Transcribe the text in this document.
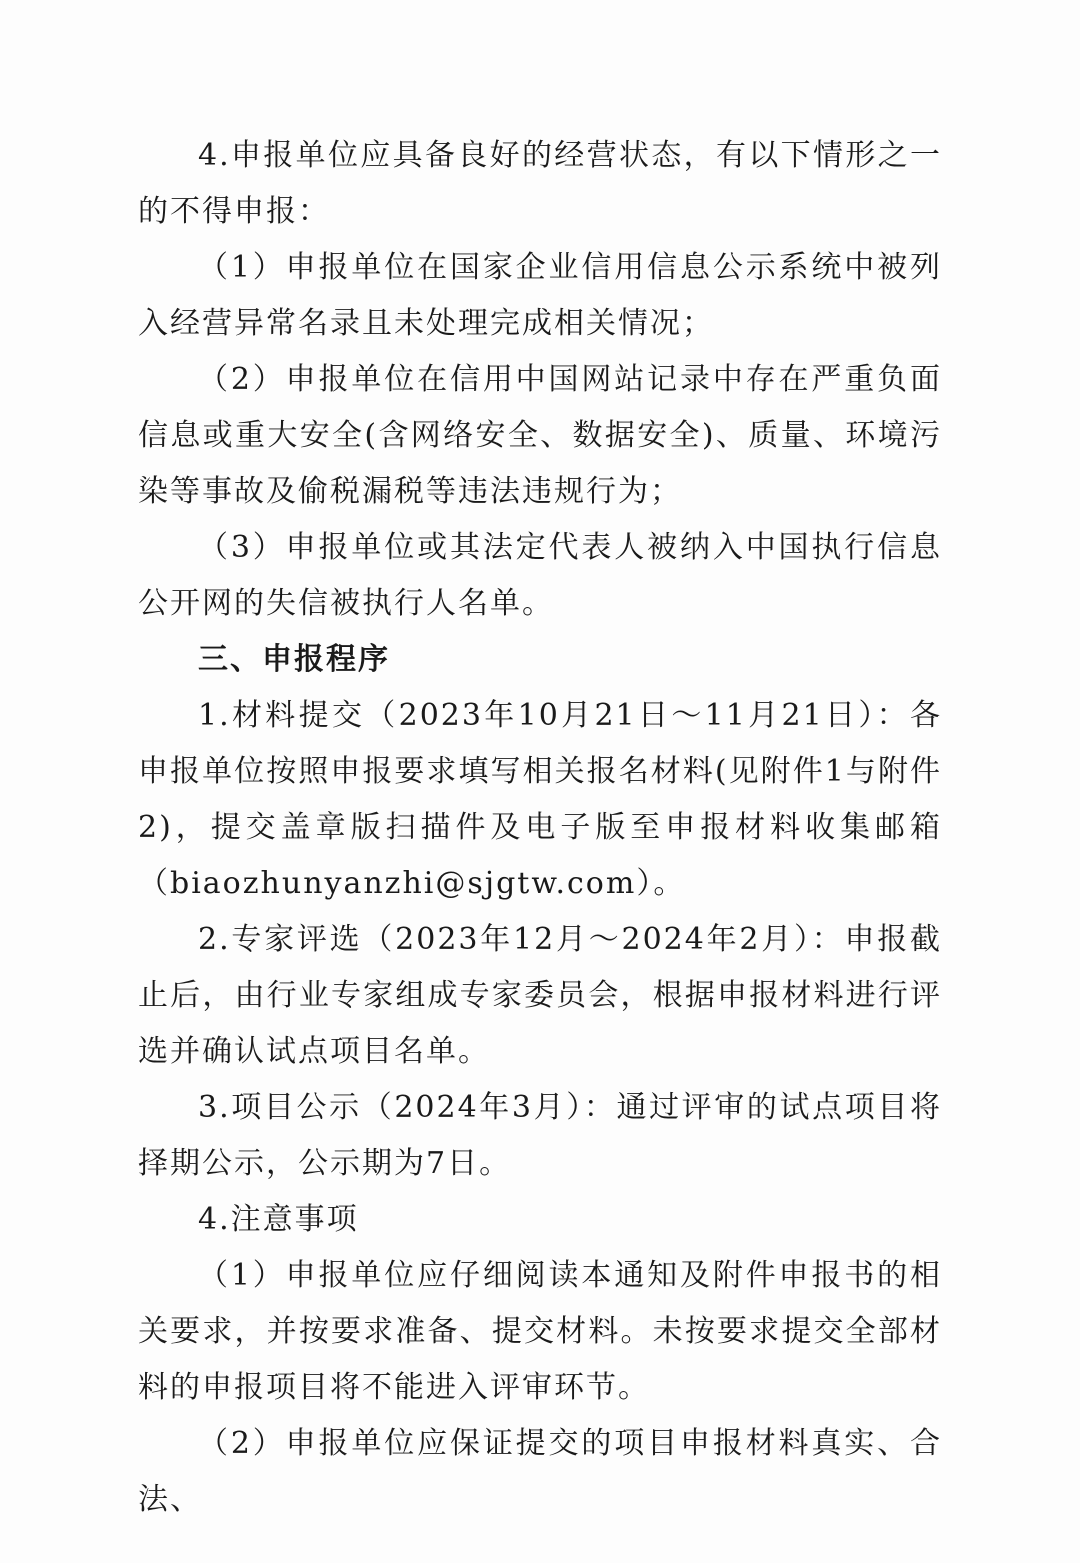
4.申报单位应具备良好的经营状态，有以下情形之一的不得申报：

（1）申报单位在国家企业信用信息公示系统中被列入经营异常名录且未处理完成相关情况；

（2）申报单位在信用中国网站记录中存在严重负面信息或重大安全(含网络安全、数据安全)、质量、环境污染等事故及偷税漏税等违法违规行为；

（3）申报单位或其法定代表人被纳入中国执行信息公开网的失信被执行人名单。

三、申报程序

1.材料提交（2023年10月21日～11月21日）：各申报单位按照申报要求填写相关报名材料(见附件1与附件2)，提交盖章版扫描件及电子版至申报材料收集邮箱（biaozhunyanzhi@sjgtw.com）。

2.专家评选（2023年12月～2024年2月）：申报截止后，由行业专家组成专家委员会，根据申报材料进行评选并确认试点项目名单。

3.项目公示（2024年3月）：通过评审的试点项目将择期公示，公示期为7日。

4.注意事项

（1）申报单位应仔细阅读本通知及附件申报书的相关要求，并按要求准备、提交材料。未按要求提交全部材料的申报项目将不能进入评审环节。

（2）申报单位应保证提交的项目申报材料真实、合法、
